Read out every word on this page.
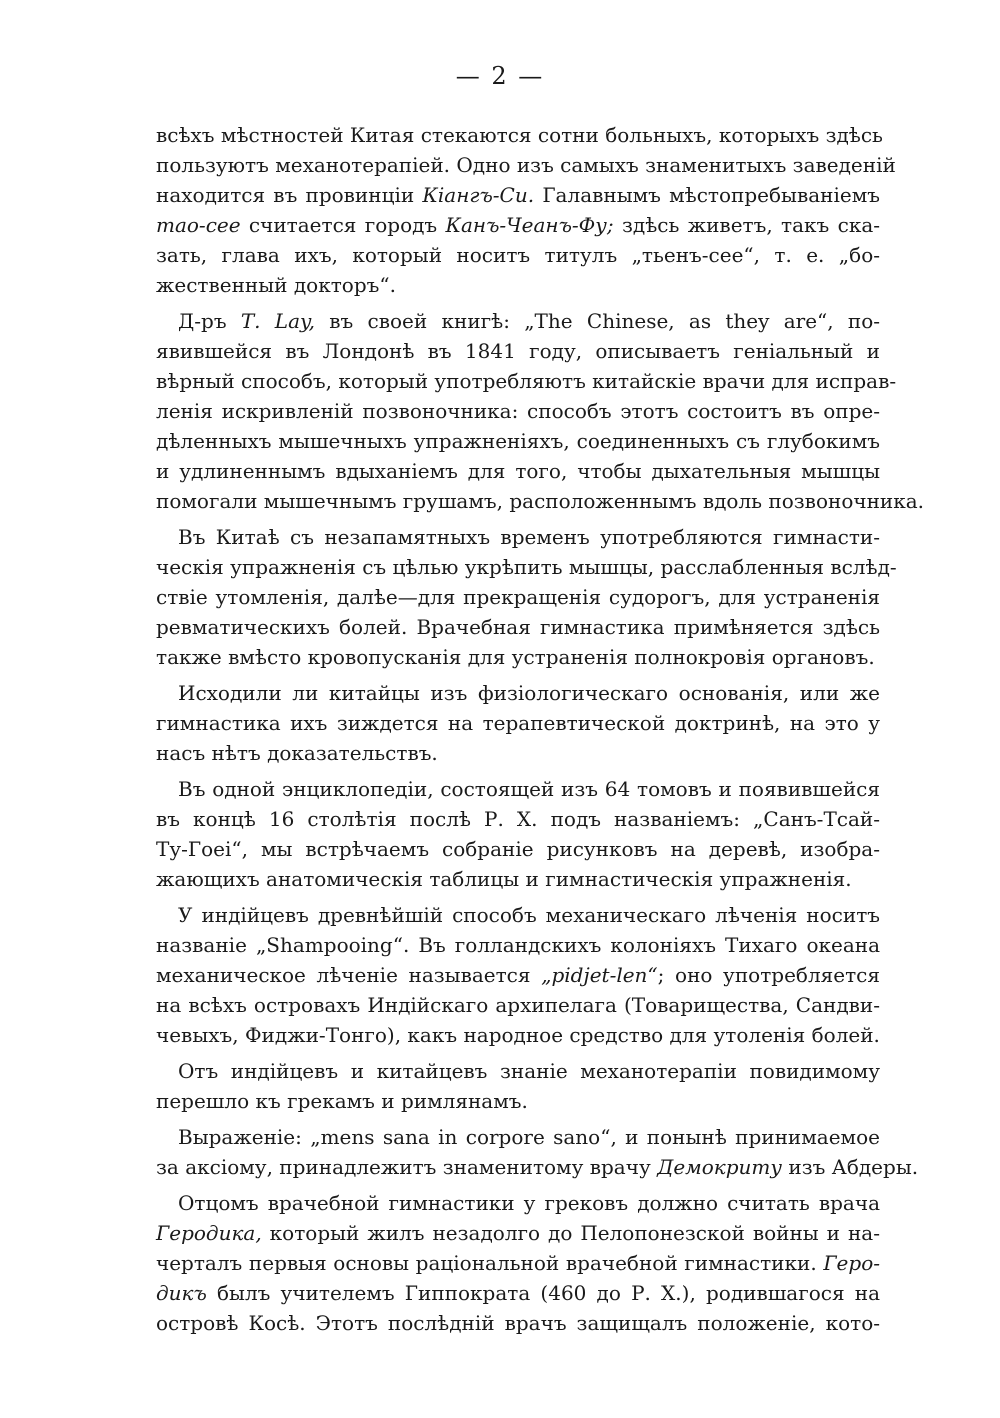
— 2 —
всѣхъ мѣстностей Китая стекаются сотни больныхъ, которыхъ здѣсь
пользуютъ механотерапіей. Одно изъ самыхъ знаменитыхъ заведеній
находится въ провинціи Кіангъ-Си. Галавнымъ мѣстопребываніемъ
тао-сее считается городъ Канъ-Чеанъ-Фу; здѣсь живетъ, такъ ска-
зать, глава ихъ, который носитъ титулъ „тьенъ-сее“, т. е. „бо-
жественный докторъ“.
Д-ръ Т. Lay, въ своей книгѣ: „The Chinese, as they are“, по-
явившейся въ Лондонѣ въ 1841 году, описываетъ геніальный и
вѣрный способъ, который употребляютъ китайскіе врачи для исправ-
ленія искривленій позвоночника: способъ этотъ состоитъ въ опре-
дѣленныхъ мышечныхъ упражненіяхъ, соединенныхъ съ глубокимъ
и удлиненнымъ вдыханіемъ для того, чтобы дыхательныя мышцы
помогали мышечнымъ грушамъ, расположеннымъ вдоль позвоночника.
Въ Китаѣ съ незапамятныхъ временъ употребляются гимнасти-
ческія упражненія съ цѣлью укрѣпить мышцы, расслабленныя вслѣд-
ствіе утомленія, далѣе—для прекращенія судорогъ, для устраненія
ревматическихъ болей. Врачебная гимнастика примѣняется здѣсь
также вмѣсто кровопусканія для устраненія полнокровія органовъ.
Исходили ли китайцы изъ физіологическаго основанія, или же
гимнастика ихъ зиждется на терапевтической доктринѣ, на это у
насъ нѣтъ доказательствъ.
Въ одной энциклопедіи, состоящей изъ 64 томовъ и появившейся
въ концѣ 16 столѣтія послѣ Р. Х. подъ названіемъ: „Санъ-Тсай-
Ту-Гоеі“, мы встрѣчаемъ собраніе рисунковъ на деревѣ, изобра-
жающихъ анатомическія таблицы и гимнастическія упражненія.
У индійцевъ древнѣйшій способъ механическаго лѣченія носитъ
названіе „Shampooing“. Въ голландскихъ колоніяхъ Тихаго океана
механическое лѣченіе называется „pidjet-len“; оно употребляется
на всѣхъ островахъ Индійскаго архипелага (Товарищества, Сандви-
чевыхъ, Фиджи-Тонго), какъ народное средство для утоленія болей.
Отъ индійцевъ и китайцевъ знаніе механотерапіи повидимому
перешло къ грекамъ и римлянамъ.
Выраженіе: „mens sana in corpore sano“, и понынѣ принимаемое
за аксіому, принадлежитъ знаменитому врачу Демокриту изъ Абдеры.
Отцомъ врачебной гимнастики у грековъ должно считать врача
Геродика, который жилъ незадолго до Пелопонезской войны и на-
черталъ первыя основы раціональной врачебной гимнастики. Геро-
дикъ былъ учителемъ Гиппократа (460 до Р. Х.), родившагося на
островѣ Косѣ. Этотъ послѣдній врачъ защищалъ положеніе, кото-
